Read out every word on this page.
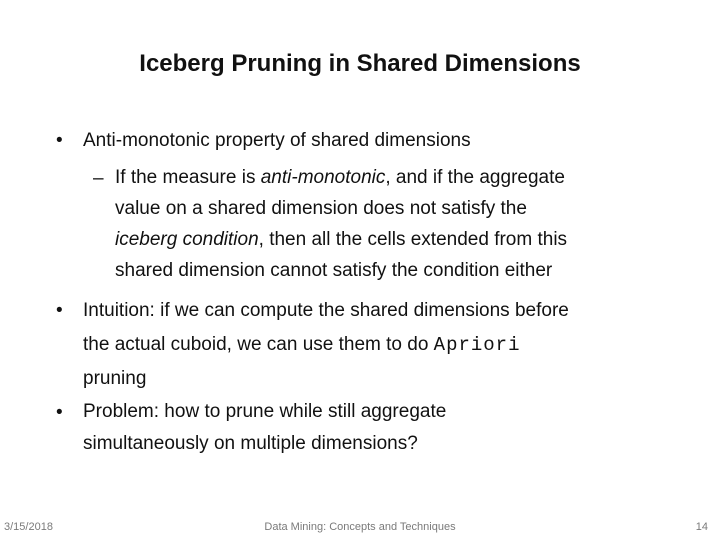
Iceberg Pruning in Shared Dimensions
• Anti-monotonic property of shared dimensions
– If the measure is anti-monotonic, and if the aggregate
value on a shared dimension does not satisfy the
iceberg condition, then all the cells extended from this
shared dimension cannot satisfy the condition either
• Intuition: if we can compute the shared dimensions before
the actual cuboid, we can use them to do Apriori
pruning
• Problem: how to prune while still aggregate
simultaneously on multiple dimensions?
3/15/2018	Data Mining: Concepts and Techniques	14
